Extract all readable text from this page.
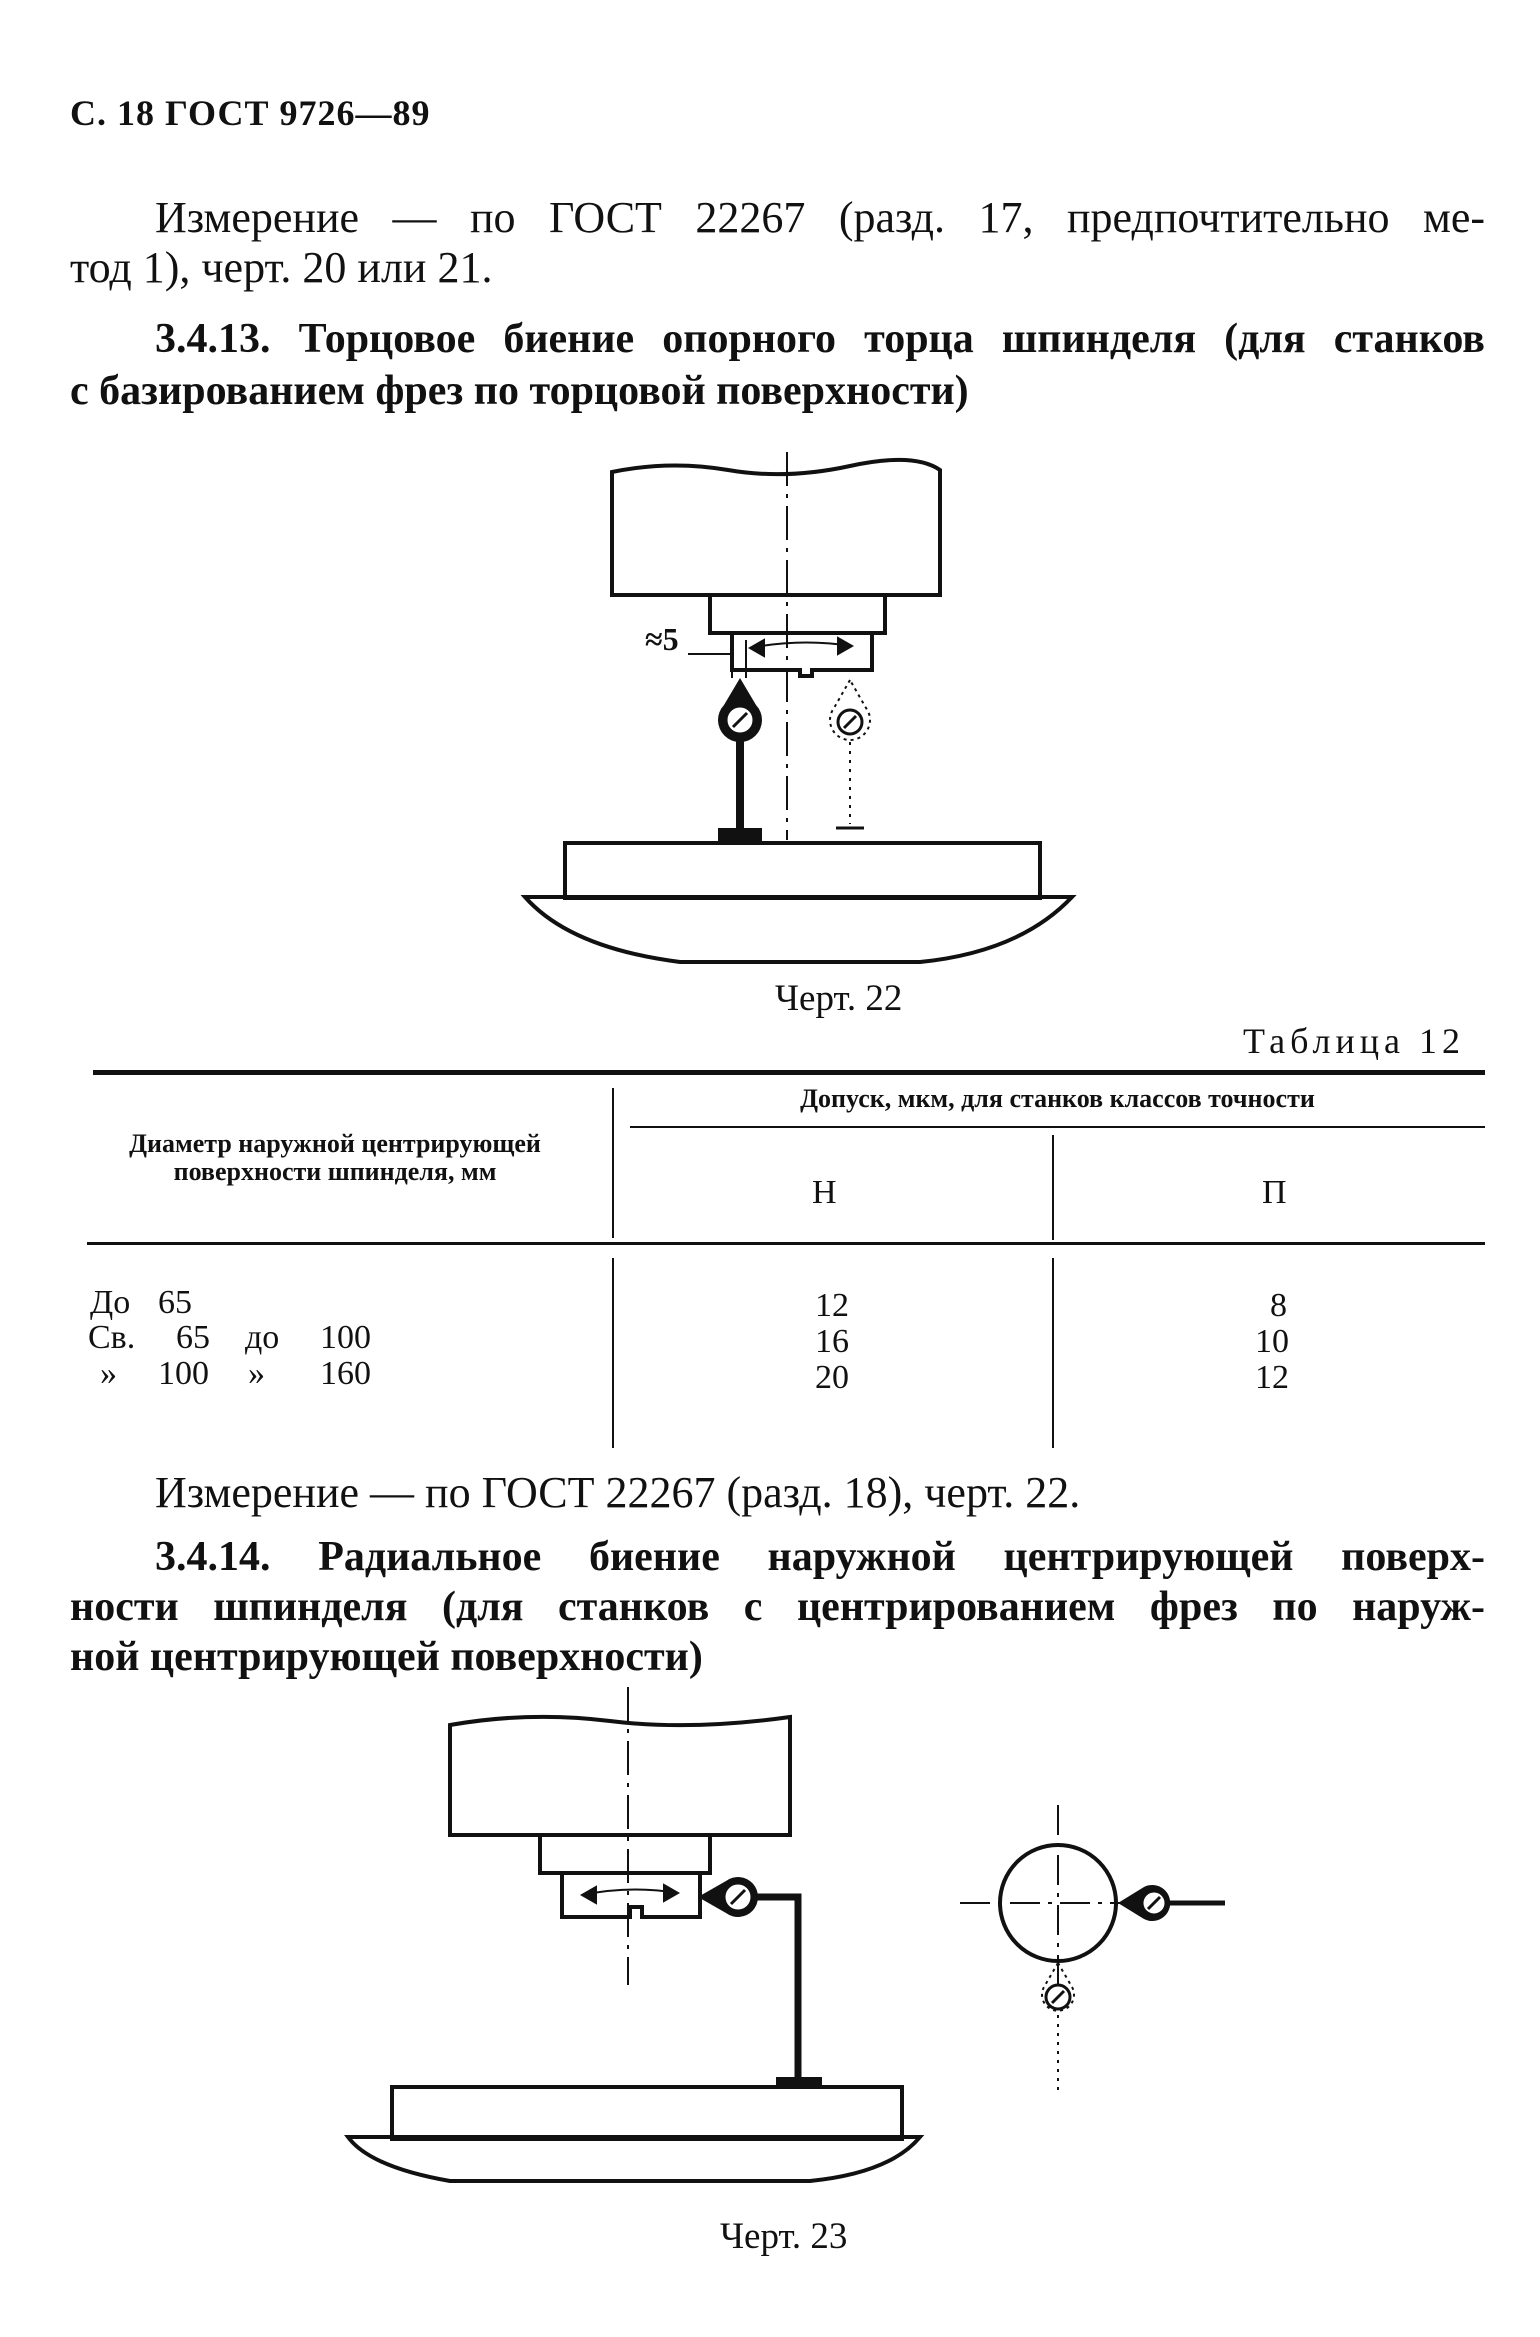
С. 18 ГОСТ 9726—89
Измерение — по ГОСТ 22267 (разд. 17, предпочтительно ме-
тод 1), черт. 20 или 21.
3.4.13. Торцовое биение опорного торца шпинделя (для станков
с базированием фрез по торцовой поверхности)
≈5
Черт. 22
Таблица 12
Диаметр наружной центрирующей
поверхности шпинделя, мм
Допуск, мкм, для станков классов точности
Н	П
До 65	12	8
Св. 65 до 100	16	10
» 100 » 160	20	12
Измерение — по ГОСТ 22267 (разд. 18), черт. 22.
3.4.14. Радиальное биение наружной центрирующей поверх-
ности шпинделя (для станков с центрированием фрез по наруж-
ной центрирующей поверхности)
Черт. 23
